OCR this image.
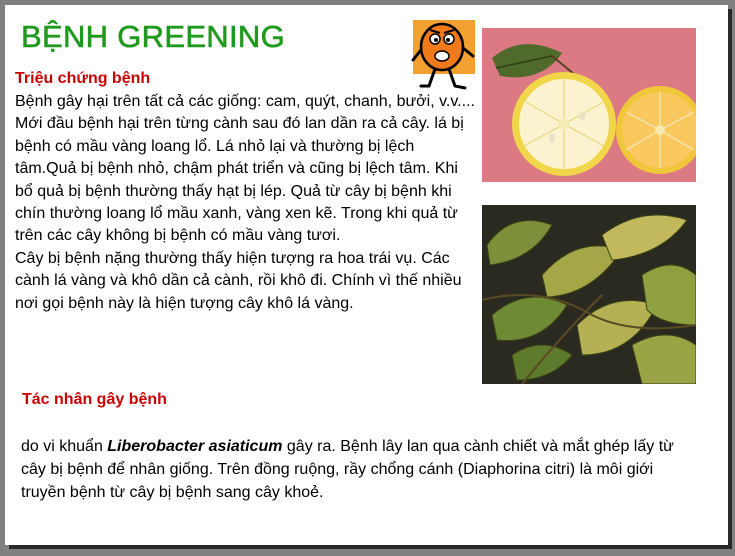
BỆNH GREENING
Triệu chứng bệnh

Bệnh gây hại trên tất cả các giống: cam, quýt, chanh, bưởi, v.v....
Mới đầu bệnh hại trên từng cành sau đó lan dần ra cả cây. lá bị bệnh có mầu vàng loang lổ. Lá nhỏ lại và thường bị lệch tâm.Quả bị bệnh nhỏ, chậm phát triển và cũng bị lệch tâm. Khi bổ quả bị bệnh thường thấy hạt bị lép. Quả từ cây bị bệnh khi chín thường loang lổ mầu xanh, vàng xen kẽ. Trong khi quả từ trên các cây không bị bệnh có mầu vàng tươi.
Cây bị bệnh nặng thường thấy hiện tượng ra hoa trái vụ. Các cành lá vàng và khô dần cả cành, rồi khô đi. Chính vì thế nhiều nơi gọi bệnh này là hiện tượng cây khô lá vàng.

Tác nhân gây bệnh

do vi khuẩn Liberobacter asiaticum gây ra. Bệnh lây lan qua cành chiết và mắt ghép lấy từ cây bị bệnh để nhân giống. Trên đồng ruộng, rầy chổng cánh (Diaphorina citri) là môi giới truyền bệnh từ cây bị bệnh sang cây khoẻ.
